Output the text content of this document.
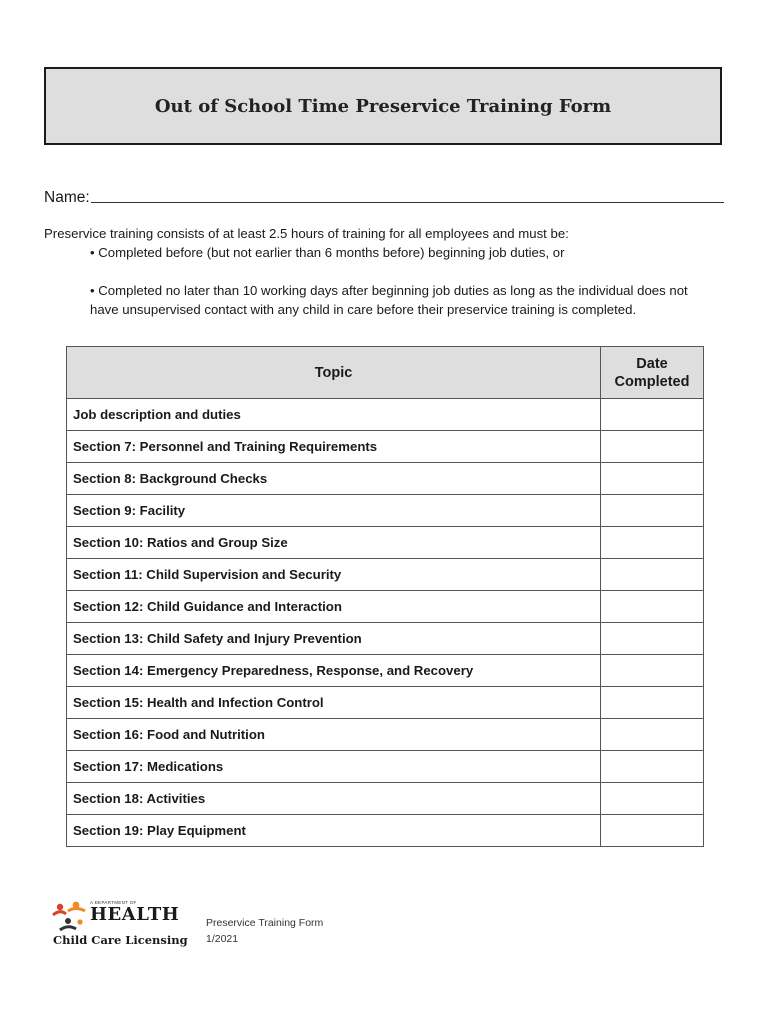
Out of School Time Preservice Training Form
Name:

Preservice training consists of at least 2.5 hours of training for all employees and must be:

• Completed before (but not earlier than 6 months before) beginning job duties, or

• Completed no later than 10 working days after beginning job duties as long as the individual does not

have unsupervised contact with any child in care before their preservice training is completed.

Topic	Date
Completed

Job description and duties	
Section 7: Personnel and Training Requirements	
Section 8: Background Checks	
Section 9: Facility	
Section 10: Ratios and Group Size	
Section 11: Child Supervision and Security	
Section 12: Child Guidance and Interaction	
Section 13: Child Safety and Injury Prevention	
Section 14: Emergency Preparedness, Response, and Recovery	
Section 15: Health and Infection Control	
Section 16: Food and Nutrition	
Section 17: Medications	
Section 18: Activities	
Section 19: Play Equipment	
A DEPARTMENT OF
HEALTH
Child Care Licensing
Preservice Training Form
1/2021
